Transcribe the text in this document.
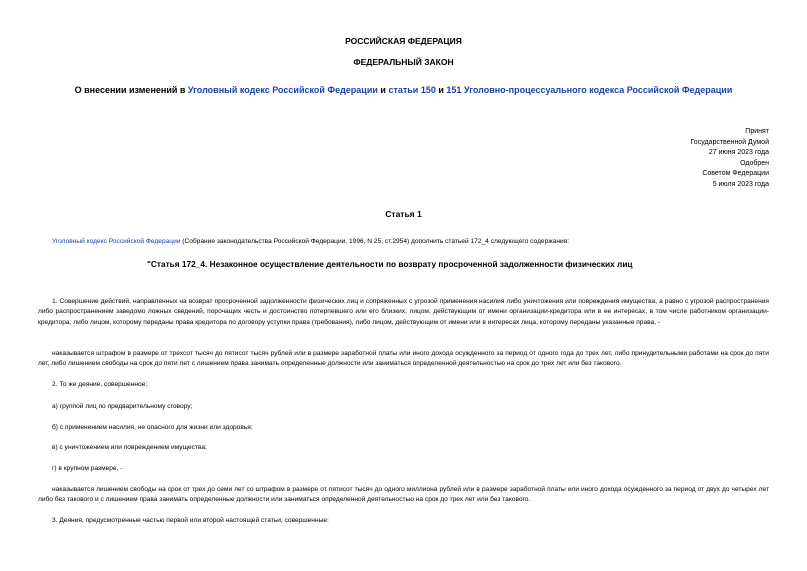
РОССИЙСКАЯ ФЕДЕРАЦИЯ
ФЕДЕРАЛЬНЫЙ ЗАКОН
О внесении изменений в Уголовный кодекс Российской Федерации и статьи 150 и 151 Уголовно-процессуального кодекса Российской Федерации
Принят
Государственной Думой
27 июня 2023 года
Одобрен
Советом Федерации
5 июля 2023 года
Статья 1
Уголовный кодекс Российской Федерации (Собрание законодательства Российской Федерации, 1996, N 25, ст.2954) дополнить статьей 172_4 следующего содержания:
"Статья 172_4. Незаконное осуществление деятельности по возврату просроченной задолженности физических лиц
1. Совершение действий, направленных на возврат просроченной задолженности физических лиц и сопряженных с угрозой применения насилия либо уничтожения или повреждения имущества, а равно с угрозой распространения либо распространением заведомо ложных сведений, порочащих честь и достоинство потерпевшего или его близких, лицом, действующим от имени организации-кредитора или в ее интересах, в том числе работником организации-кредитора, либо лицом, которому переданы права кредитора по договору уступки права (требования), либо лицом, действующим от имени или в интересах лица, которому переданы указанные права, -
наказывается штрафом в размере от трехсот тысяч до пятисот тысяч рублей или в размере заработной платы или иного дохода осужденного за период от одного года до трех лет, либо принудительными работами на срок до пяти лет, либо лишением свободы на срок до пяти лет с лишением права занимать определенные должности или заниматься определенной деятельностью на срок до трех лет или без такового.
2. То же деяние, совершенное:
а) группой лиц по предварительному сговору;
б) с применением насилия, не опасного для жизни или здоровья;
в) с уничтожением или повреждением имущества;
г) в крупном размере, -
наказывается лишением свободы на срок от трех до семи лет со штрафом в размере от пятисот тысяч до одного миллиона рублей или в размере заработной платы или иного дохода осужденного за период от двух до четырех лет либо без такового и с лишением права занимать определенные должности или заниматься определенной деятельностью на срок до трех лет или без такового.
3. Деяния, предусмотренные частью первой или второй настоящей статьи, совершенные:
